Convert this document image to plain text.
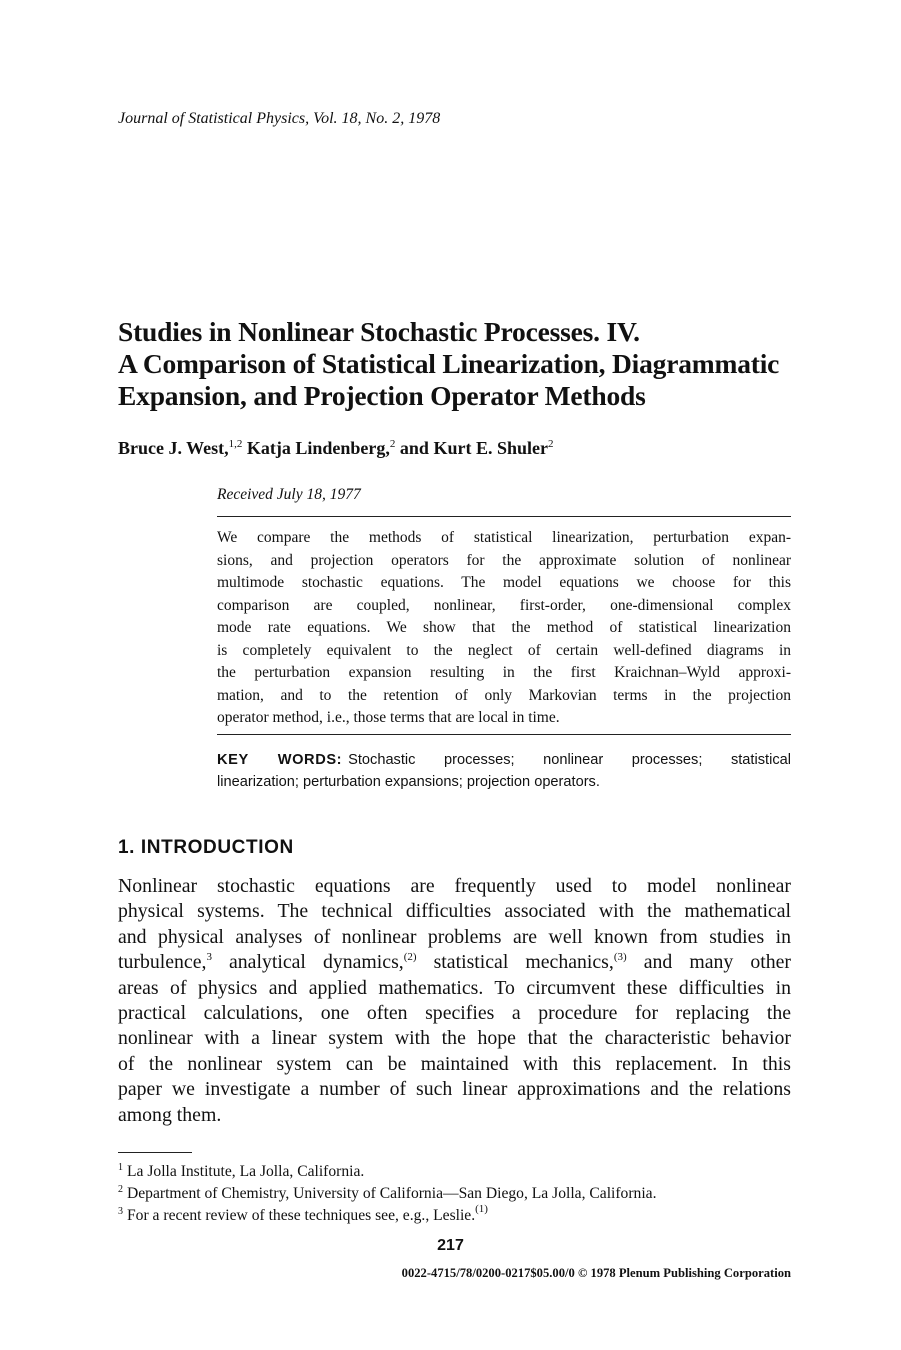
Journal of Statistical Physics, Vol. 18, No. 2, 1978
Studies in Nonlinear Stochastic Processes. IV.
A Comparison of Statistical Linearization, Diagrammatic
Expansion, and Projection Operator Methods
Bruce J. West,$^{1,2}$ Katja Lindenberg,$^2$ and Kurt E. Shuler$^2$
Received July 18, 1977
We compare the methods of statistical linearization, perturbation expan-
sions, and projection operators for the approximate solution of nonlinear
multimode stochastic equations. The model equations we choose for this
comparison are coupled, nonlinear, first-order, one-dimensional complex
mode rate equations. We show that the method of statistical linearization
is completely equivalent to the neglect of certain well-defined diagrams in
the perturbation expansion resulting in the first Kraichnan–Wyld approxi-
mation, and to the retention of only Markovian terms in the projection
operator method, i.e., those terms that are local in time.
KEY WORDS: Stochastic processes; nonlinear processes; statistical
linearization; perturbation expansions; projection operators.
1. INTRODUCTION
Nonlinear stochastic equations are frequently used to model nonlinear
physical systems. The technical difficulties associated with the mathematical
and physical analyses of nonlinear problems are well known from studies in
turbulence,$^3$ analytical dynamics,$^{(2)}$ statistical mechanics,$^{(3)}$ and many other
areas of physics and applied mathematics. To circumvent these difficulties in
practical calculations, one often specifies a procedure for replacing the
nonlinear with a linear system with the hope that the characteristic behavior
of the nonlinear system can be maintained with this replacement. In this
paper we investigate a number of such linear approximations and the relations
among them.
$^1$ La Jolla Institute, La Jolla, California.
$^2$ Department of Chemistry, University of California—San Diego, La Jolla, California.
$^3$ For a recent review of these techniques see, e.g., Leslie.$^{(1)}$
217
0022-4715/78/0200-0217$05.00/0 © 1978 Plenum Publishing Corporation
